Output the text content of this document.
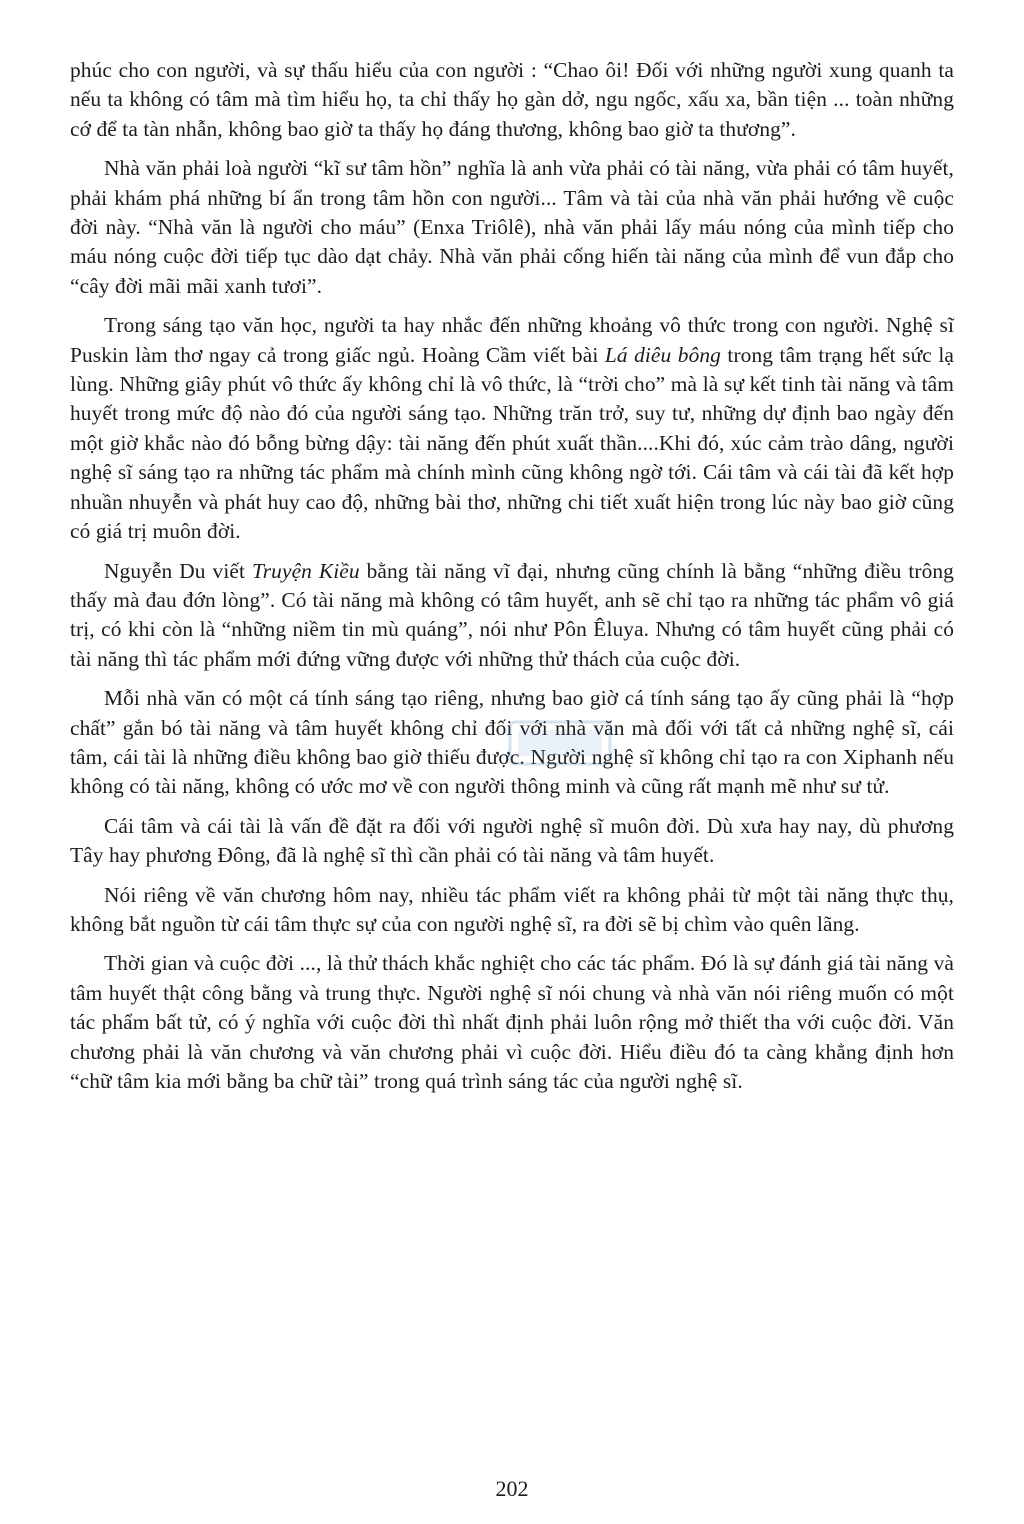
phúc cho con người, và sự thấu hiểu của con người : “Chao ôi! Đối với những người xung quanh ta nếu ta không có tâm mà tìm hiểu họ, ta chỉ thấy họ gàn dở, ngu ngốc, xấu xa, bần tiện ... toàn những cớ để ta tàn nhẫn, không bao giờ ta thấy họ đáng thương, không bao giờ ta thương”.

Nhà văn phải loà người “kĩ sư tâm hồn” nghĩa là anh vừa phải có tài năng, vừa phải có tâm huyết, phải khám phá những bí ẩn trong tâm hồn con người... Tâm và tài của nhà văn phải hướng về cuộc đời này. “Nhà văn là người cho máu” (Enxa Triôlê), nhà văn phải lấy máu nóng của mình tiếp cho máu nóng cuộc đời tiếp tục dào dạt chảy. Nhà văn phải cống hiến tài năng của mình để vun đắp cho “cây đời mãi mãi xanh tươi”.

Trong sáng tạo văn học, người ta hay nhắc đến những khoảng vô thức trong con người. Nghệ sĩ Puskin làm thơ ngay cả trong giấc ngủ. Hoàng Cầm viết bài Lá diêu bông trong tâm trạng hết sức lạ lùng. Những giây phút vô thức ấy không chỉ là vô thức, là “trời cho” mà là sự kết tinh tài năng và tâm huyết trong mức độ nào đó của người sáng tạo. Những trăn trở, suy tư, những dự định bao ngày đến một giờ khắc nào đó bỗng bừng dậy: tài năng đến phút xuất thần....Khi đó, xúc cảm trào dâng, người nghệ sĩ sáng tạo ra những tác phẩm mà chính mình cũng không ngờ tới. Cái tâm và cái tài đã kết hợp nhuần nhuyễn và phát huy cao độ, những bài thơ, những chi tiết xuất hiện trong lúc này bao giờ cũng có giá trị muôn đời.

Nguyễn Du viết Truyện Kiều bằng tài năng vĩ đại, nhưng cũng chính là bằng “những điều trông thấy mà đau đớn lòng”. Có tài năng mà không có tâm huyết, anh sẽ chỉ tạo ra những tác phẩm vô giá trị, có khi còn là “những niềm tin mù quáng”, nói như Pôn Êluya. Nhưng có tâm huyết cũng phải có tài năng thì tác phẩm mới đứng vững được với những thử thách của cuộc đời.

Mỗi nhà văn có một cá tính sáng tạo riêng, nhưng bao giờ cá tính sáng tạo ấy cũng phải là “hợp chất” gắn bó tài năng và tâm huyết không chỉ đối với nhà văn mà đối với tất cả những nghệ sĩ, cái tâm, cái tài là những điều không bao giờ thiếu được. Người nghệ sĩ không chỉ tạo ra con Xiphanh nếu không có tài năng, không có ước mơ về con người thông minh và cũng rất mạnh mẽ như sư tử.

Cái tâm và cái tài là vấn đề đặt ra đối với người nghệ sĩ muôn đời. Dù xưa hay nay, dù phương Tây hay phương Đông, đã là nghệ sĩ thì cần phải có tài năng và tâm huyết.

Nói riêng về văn chương hôm nay, nhiều tác phẩm viết ra không phải từ một tài năng thực thụ, không bắt nguồn từ cái tâm thực sự của con người nghệ sĩ, ra đời sẽ bị chìm vào quên lãng.

Thời gian và cuộc đời ..., là thử thách khắc nghiệt cho các tác phẩm. Đó là sự đánh giá tài năng và tâm huyết thật công bằng và trung thực. Người nghệ sĩ nói chung và nhà văn nói riêng muốn có một tác phẩm bất tử, có ý nghĩa với cuộc đời thì nhất định phải luôn rộng mở thiết tha với cuộc đời. Văn chương phải là văn chương và văn chương phải vì cuộc đời. Hiểu điều đó ta càng khẳng định hơn “chữ tâm kia mới bằng ba chữ tài” trong quá trình sáng tác của người nghệ sĩ.

202
